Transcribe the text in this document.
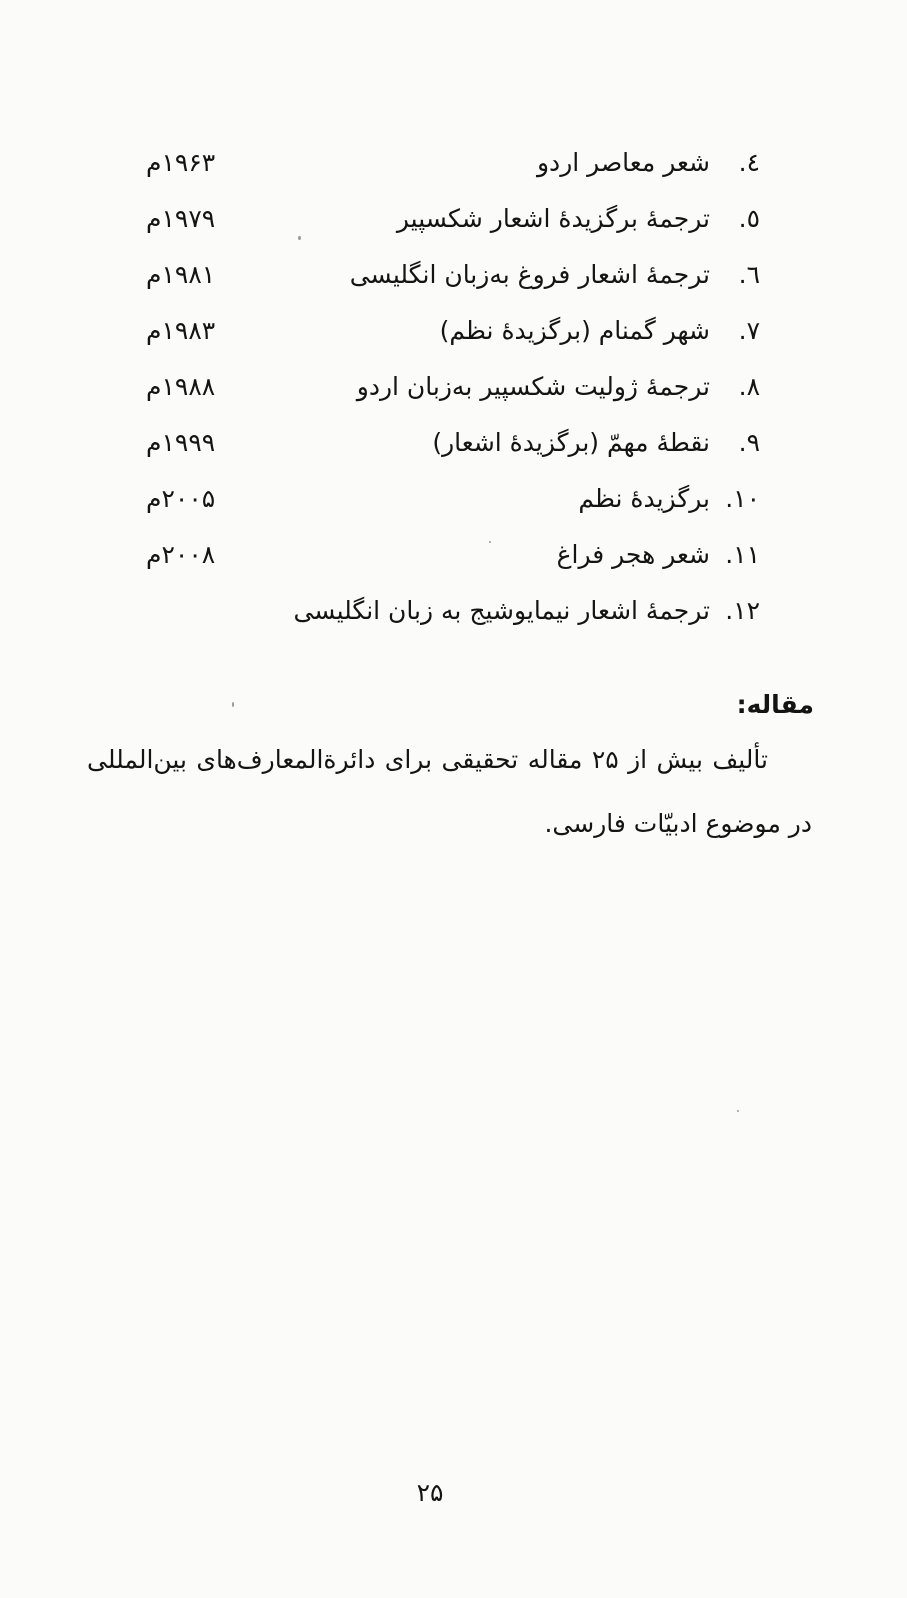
٤.
شعر معاصر اردو
۱۹۶۳م
٥.
ترجمهٔ برگزیدهٔ اشعار شکسپیر
۱۹۷۹م
٦.
ترجمهٔ اشعار فروغ به‌زبان انگلیسی
۱۹۸۱م
٧.
شهر گمنام (برگزیدهٔ نظم)
۱۹۸۳م
٨.
ترجمهٔ ژولیت شکسپیر به‌زبان اردو
۱۹۸۸م
٩.
نقطهٔ مهمّ (برگزیدهٔ اشعار)
۱۹۹۹م
١٠.
برگزیدهٔ نظم
۲۰۰۵م
١١.
شعر هجر فراغ
۲۰۰۸م
١٢.
ترجمهٔ اشعار نیمایوشیج به زبان انگلیسی
مقاله:
تألیف بیش از ۲۵ مقاله تحقیقی برای دائرةالمعارف‌های بین‌المللی در موضوع ادبیّات فارسی.
۲۵
